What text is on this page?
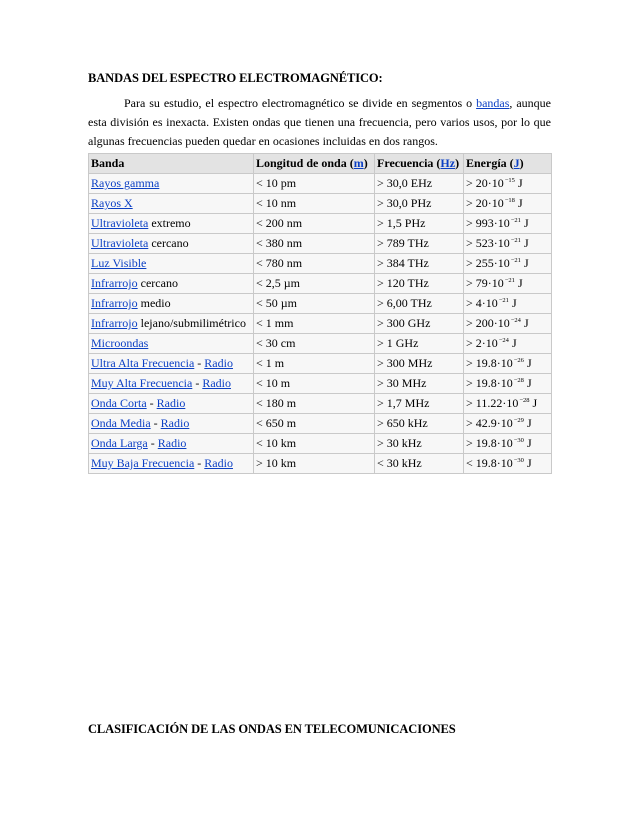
BANDAS DEL ESPECTRO ELECTROMAGNÉTICO:
Para su estudio, el espectro electromagnético se divide en segmentos o bandas, aunque esta división es inexacta. Existen ondas que tienen una frecuencia, pero varios usos, por lo que algunas frecuencias pueden quedar en ocasiones incluidas en dos rangos.
Banda	Longitud de onda (m)	Frecuencia (Hz)	Energía (J)
Rayos gamma	< 10 pm	> 30,0 EHz	> $20\cdot 10^{-15}$ J
Rayos X	< 10 nm	> 30,0 PHz	> $20\cdot 10^{-18}$ J
Ultravioleta extremo	< 200 nm	> 1,5 PHz	> $993\cdot 10^{-21}$ J
Ultravioleta cercano	< 380 nm	> 789 THz	> $523\cdot 10^{-21}$ J
Luz Visible	< 780 nm	> 384 THz	> $255\cdot 10^{-21}$ J
Infrarrojo cercano	< 2,5 µm	> 120 THz	> $79\cdot 10^{-21}$ J
Infrarrojo medio	< 50 µm	> 6,00 THz	> $4\cdot 10^{-21}$ J
Infrarrojo lejano/submilimétrico	< 1 mm	> 300 GHz	> $200\cdot 10^{-24}$ J
Microondas	< 30 cm	> 1 GHz	> $2\cdot 10^{-24}$ J
Ultra Alta Frecuencia - Radio	< 1 m	> 300 MHz	> $19.8\cdot 10^{-26}$ J
Muy Alta Frecuencia - Radio	< 10 m	> 30 MHz	> $19.8\cdot 10^{-28}$ J
Onda Corta - Radio	< 180 m	> 1,7 MHz	> $11.22\cdot 10^{-28}$ J
Onda Media - Radio	< 650 m	> 650 kHz	> $42.9\cdot 10^{-29}$ J
Onda Larga - Radio	< 10 km	> 30 kHz	> $19.8\cdot 10^{-30}$ J
Muy Baja Frecuencia - Radio	> 10 km	< 30 kHz	< $19.8\cdot 10^{-30}$ J
CLASIFICACIÓN DE LAS ONDAS EN TELECOMUNICACIONES
